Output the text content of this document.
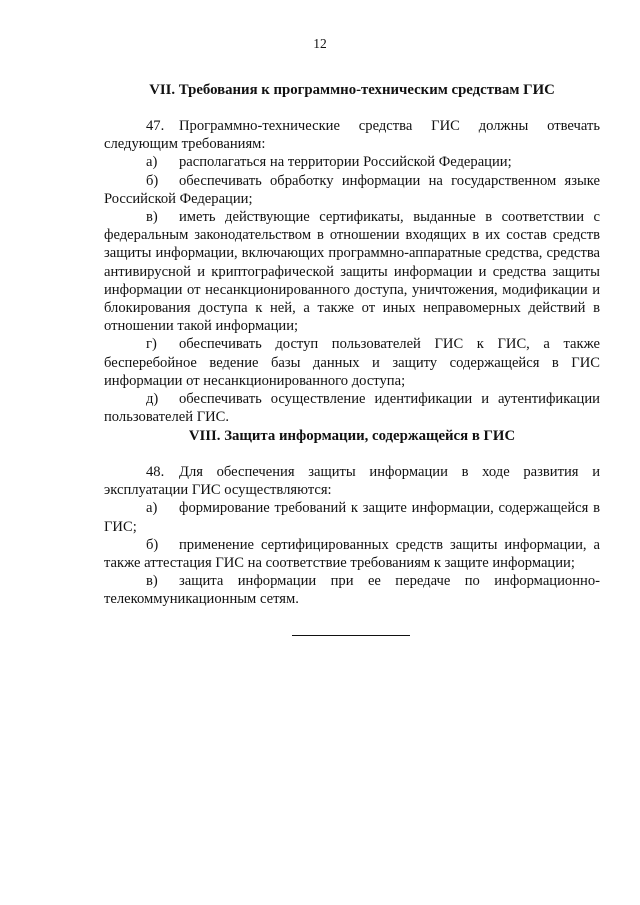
12
VII. Требования к программно-техническим средствам ГИС

47. Программно-технические средства ГИС должны отвечать следующим требованиям:

а) располагаться на территории Российской Федерации;

б) обеспечивать обработку информации на государственном языке Российской Федерации;

в) иметь действующие сертификаты, выданные в соответствии с федеральным законодательством в отношении входящих в их состав средств защиты информации, включающих программно-аппаратные средства, средства антивирусной и криптографической защиты информации и средства защиты информации от несанкционированного доступа, уничтожения, модификации и блокирования доступа к ней, а также от иных неправомерных действий в отношении такой информации;

г) обеспечивать доступ пользователей ГИС к ГИС, а также бесперебойное ведение базы данных и защиту содержащейся в ГИС информации от несанкционированного доступа;

д) обеспечивать осуществление идентификации и аутентификации пользователей ГИС.

VIII. Защита информации, содержащейся в ГИС

48. Для обеспечения защиты информации в ходе развития и эксплуатации ГИС осуществляются:

а) формирование требований к защите информации, содержащейся в ГИС;

б) применение сертифицированных средств защиты информации, а также аттестация ГИС на соответствие требованиям к защите информации;

в) защита информации при ее передаче по информационно-телекоммуникационным сетям.
